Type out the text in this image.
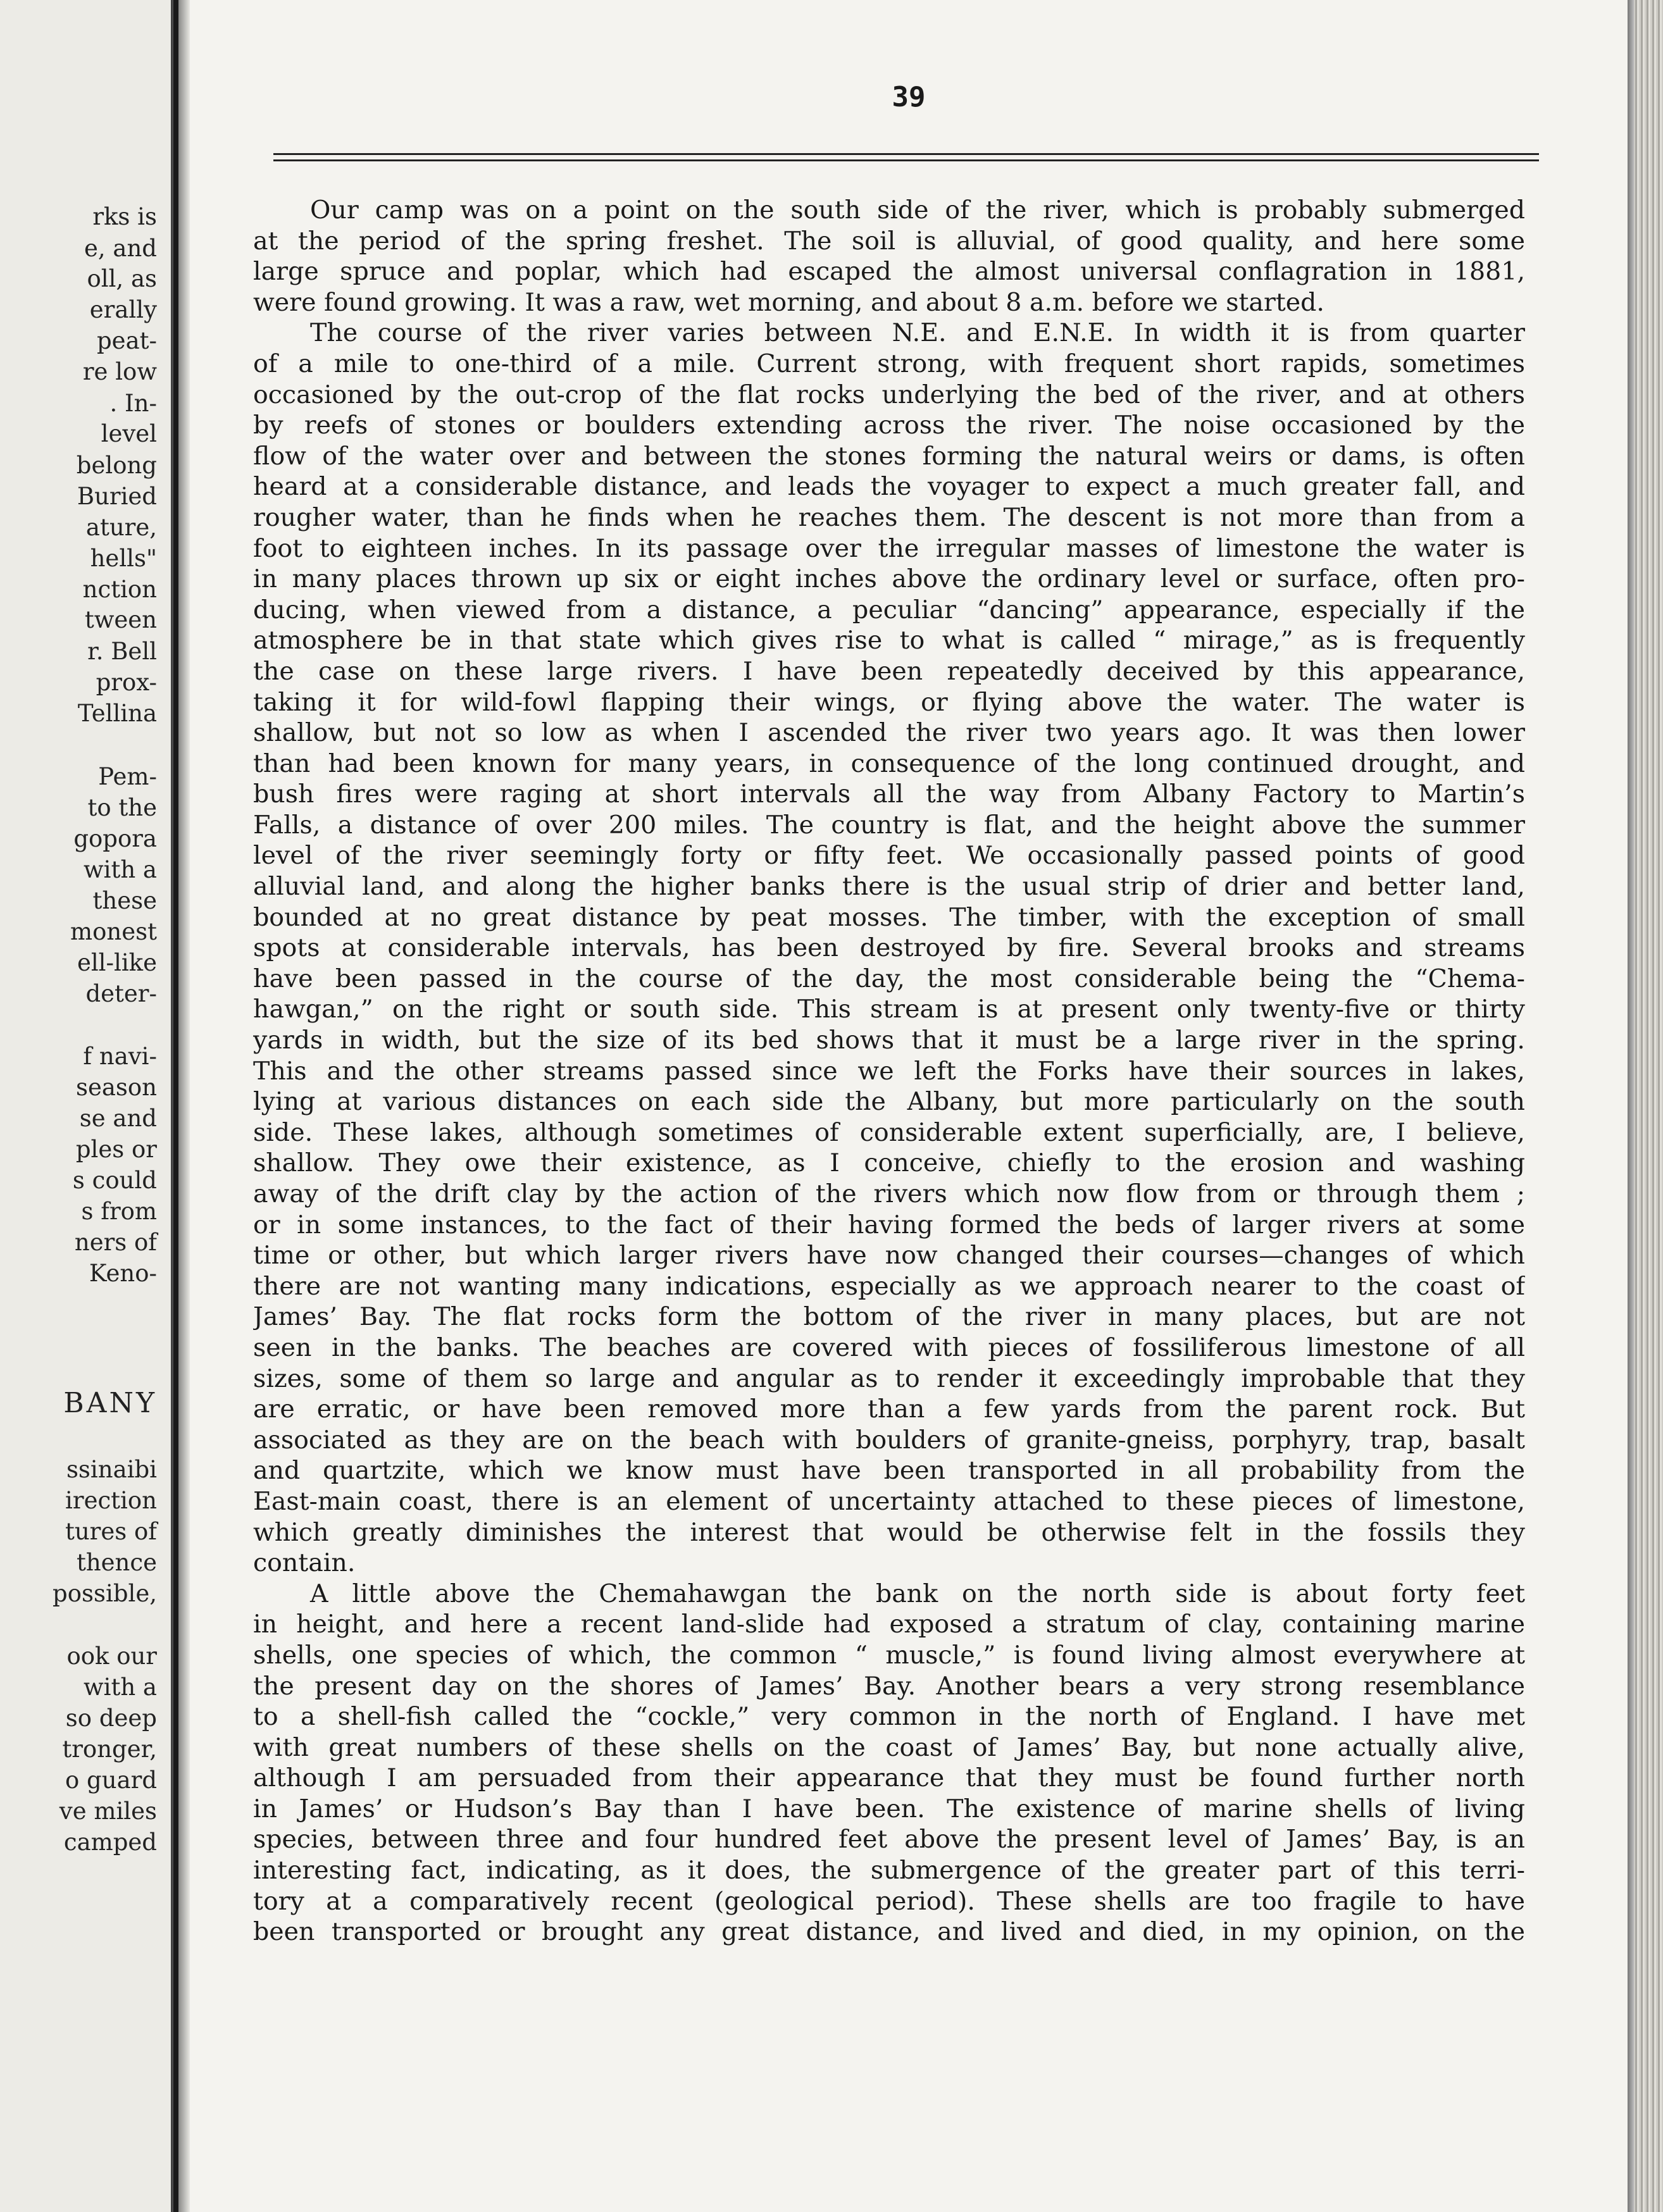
rks is
e, and
oll, as
erally
peat-
re low
. In-
level
belong
Buried
ature,
hells"
nction
tween
r. Bell
prox-
Tellina
Pem-
to the
gopora
with a
these
monest
ell-like
deter-
f navi-
season
se and
ples or
s could
s from
ners of
Keno-
BANY
ssinaibi
irection
tures of
thence
possible,
ook our
with a
so deep
tronger,
o guard
ve miles
camped
39
Our camp was on a point on the south side of the river, which is probably submerged
at the period of the spring freshet. The soil is alluvial, of good quality, and here some
large spruce and poplar, which had escaped the almost universal conflagration in 1881,
were found growing. It was a raw, wet morning, and about 8 a.m. before we started.
The course of the river varies between N.E. and E.N.E. In width it is from quarter
of a mile to one-third of a mile. Current strong, with frequent short rapids, sometimes
occasioned by the out-crop of the flat rocks underlying the bed of the river, and at others
by reefs of stones or boulders extending across the river. The noise occasioned by the
flow of the water over and between the stones forming the natural weirs or dams, is often
heard at a considerable distance, and leads the voyager to expect a much greater fall, and
rougher water, than he finds when he reaches them. The descent is not more than from a
foot to eighteen inches. In its passage over the irregular masses of limestone the water is
in many places thrown up six or eight inches above the ordinary level or surface, often pro-
ducing, when viewed from a distance, a peculiar “dancing” appearance, especially if the
atmosphere be in that state which gives rise to what is called “ mirage,” as is frequently
the case on these large rivers. I have been repeatedly deceived by this appearance,
taking it for wild-fowl flapping their wings, or flying above the water. The water is
shallow, but not so low as when I ascended the river two years ago. It was then lower
than had been known for many years, in consequence of the long continued drought, and
bush fires were raging at short intervals all the way from Albany Factory to Martin’s
Falls, a distance of over 200 miles. The country is flat, and the height above the summer
level of the river seemingly forty or fifty feet. We occasionally passed points of good
alluvial land, and along the higher banks there is the usual strip of drier and better land,
bounded at no great distance by peat mosses. The timber, with the exception of small
spots at considerable intervals, has been destroyed by fire. Several brooks and streams
have been passed in the course of the day, the most considerable being the “Chema-
hawgan,” on the right or south side. This stream is at present only twenty-five or thirty
yards in width, but the size of its bed shows that it must be a large river in the spring.
This and the other streams passed since we left the Forks have their sources in lakes,
lying at various distances on each side the Albany, but more particularly on the south
side. These lakes, although sometimes of considerable extent superficially, are, I believe,
shallow. They owe their existence, as I conceive, chiefly to the erosion and washing
away of the drift clay by the action of the rivers which now flow from or through them ;
or in some instances, to the fact of their having formed the beds of larger rivers at some
time or other, but which larger rivers have now changed their courses—changes of which
there are not wanting many indications, especially as we approach nearer to the coast of
James’ Bay. The flat rocks form the bottom of the river in many places, but are not
seen in the banks. The beaches are covered with pieces of fossiliferous limestone of all
sizes, some of them so large and angular as to render it exceedingly improbable that they
are erratic, or have been removed more than a few yards from the parent rock. But
associated as they are on the beach with boulders of granite-gneiss, porphyry, trap, basalt
and quartzite, which we know must have been transported in all probability from the
East-main coast, there is an element of uncertainty attached to these pieces of limestone,
which greatly diminishes the interest that would be otherwise felt in the fossils they
contain.
A little above the Chemahawgan the bank on the north side is about forty feet
in height, and here a recent land-slide had exposed a stratum of clay, containing marine
shells, one species of which, the common “ muscle,” is found living almost everywhere at
the present day on the shores of James’ Bay. Another bears a very strong resemblance
to a shell-fish called the “cockle,” very common in the north of England. I have met
with great numbers of these shells on the coast of James’ Bay, but none actually alive,
although I am persuaded from their appearance that they must be found further north
in James’ or Hudson’s Bay than I have been. The existence of marine shells of living
species, between three and four hundred feet above the present level of James’ Bay, is an
interesting fact, indicating, as it does, the submergence of the greater part of this terri-
tory at a comparatively recent (geological period). These shells are too fragile to have
been transported or brought any great distance, and lived and died, in my opinion, on the
